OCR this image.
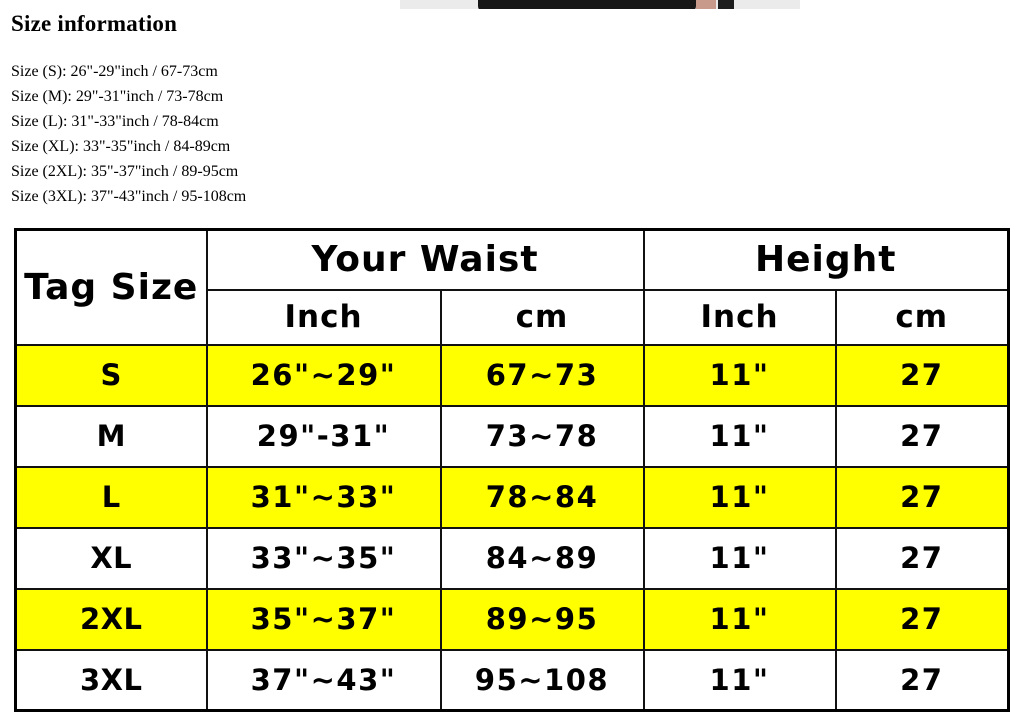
Size information

Size (S): 26"-29"inch / 67-73cm

Size (M): 29"-31"inch / 73-78cm

Size (L): 31"-33"inch / 78-84cm

Size (XL): 33"-35"inch / 84-89cm

Size (2XL): 35"-37"inch / 89-95cm

Size (3XL): 37"-43"inch / 95-108cm

Tag Size	Your Waist		Height	
	Inch	cm	Inch	cm
S	26"~29"	67~73	11"	27
M	29"-31"	73~78	11"	27
L	31"~33"	78~84	11"	27
XL	33"~35"	84~89	11"	27
2XL	35"~37"	89~95	11"	27
3XL	37"~43"	95~108	11"	27
